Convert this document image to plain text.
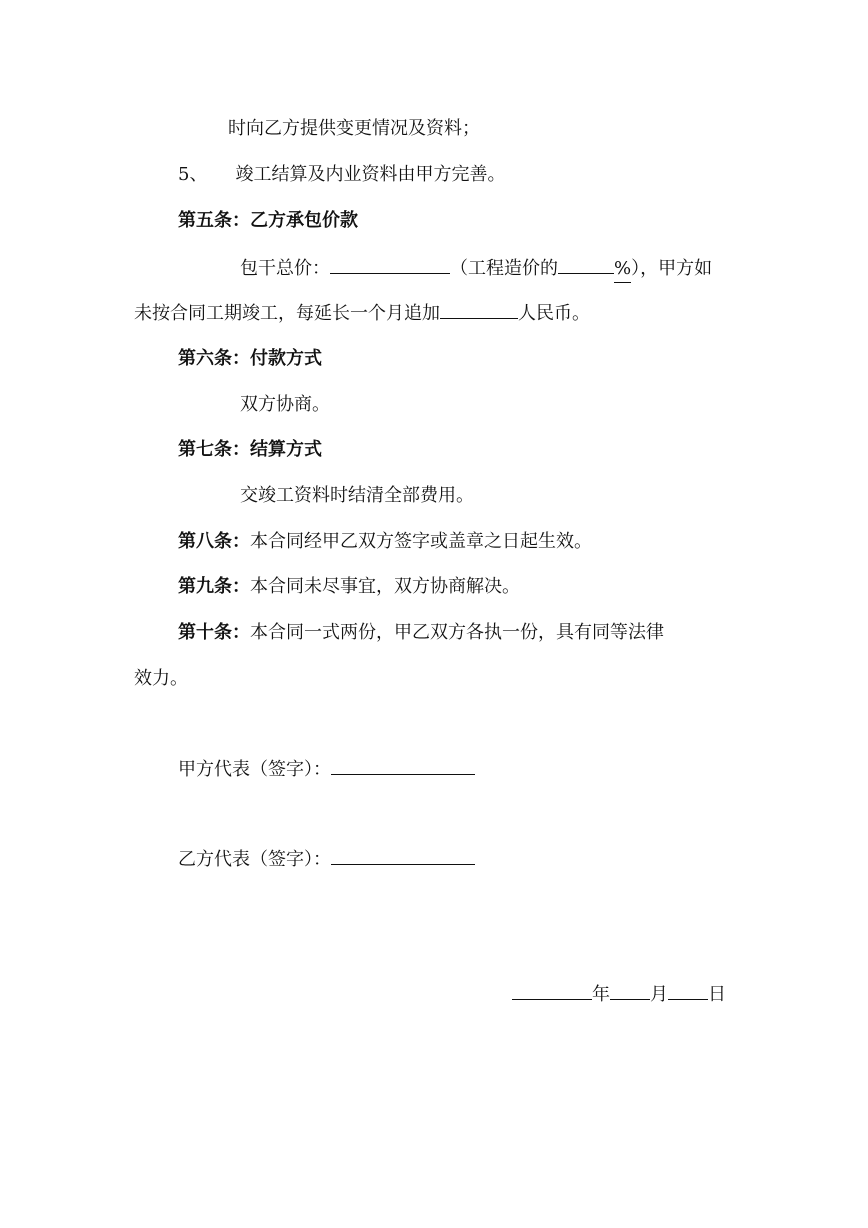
时向乙方提供变更情况及资料；
5、 竣工结算及内业资料由甲方完善。
第五条：乙方承包价款
包干总价：	（工程造价的	%），甲方如
未按合同工期竣工，每延长一个月追加	人民币。
第六条：付款方式
双方协商。
第七条：结算方式
交竣工资料时结清全部费用。
第八条：本合同经甲乙双方签字或盖章之日起生效。
第九条：本合同未尽事宜，双方协商解决。
第十条：本合同一式两份，甲乙双方各执一份，具有同等法律
效力。
甲方代表（签字）：
乙方代表（签字）：
年 月 日
